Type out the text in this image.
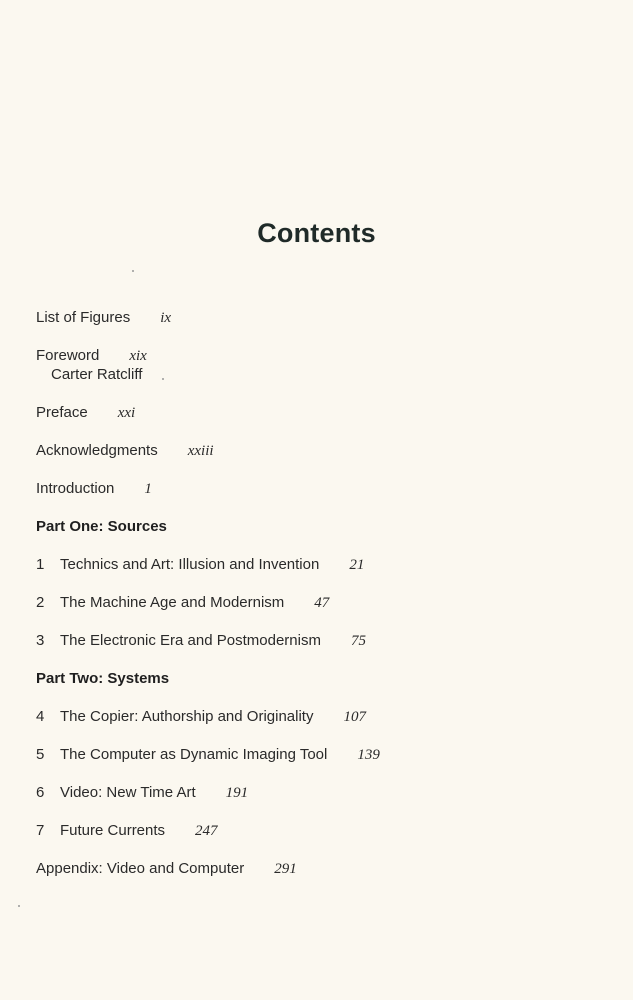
Contents
List of Figures ix
Foreword xix
Carter Ratcliff
Preface xxi
Acknowledgments xxiii
Introduction 1
Part One: Sources
1 Technics and Art: Illusion and Invention 21
2 The Machine Age and Modernism 47
3 The Electronic Era and Postmodernism 75
Part Two: Systems
4 The Copier: Authorship and Originality 107
5 The Computer as Dynamic Imaging Tool 139
6 Video: New Time Art 191
7 Future Currents 247
Appendix: Video and Computer 291
